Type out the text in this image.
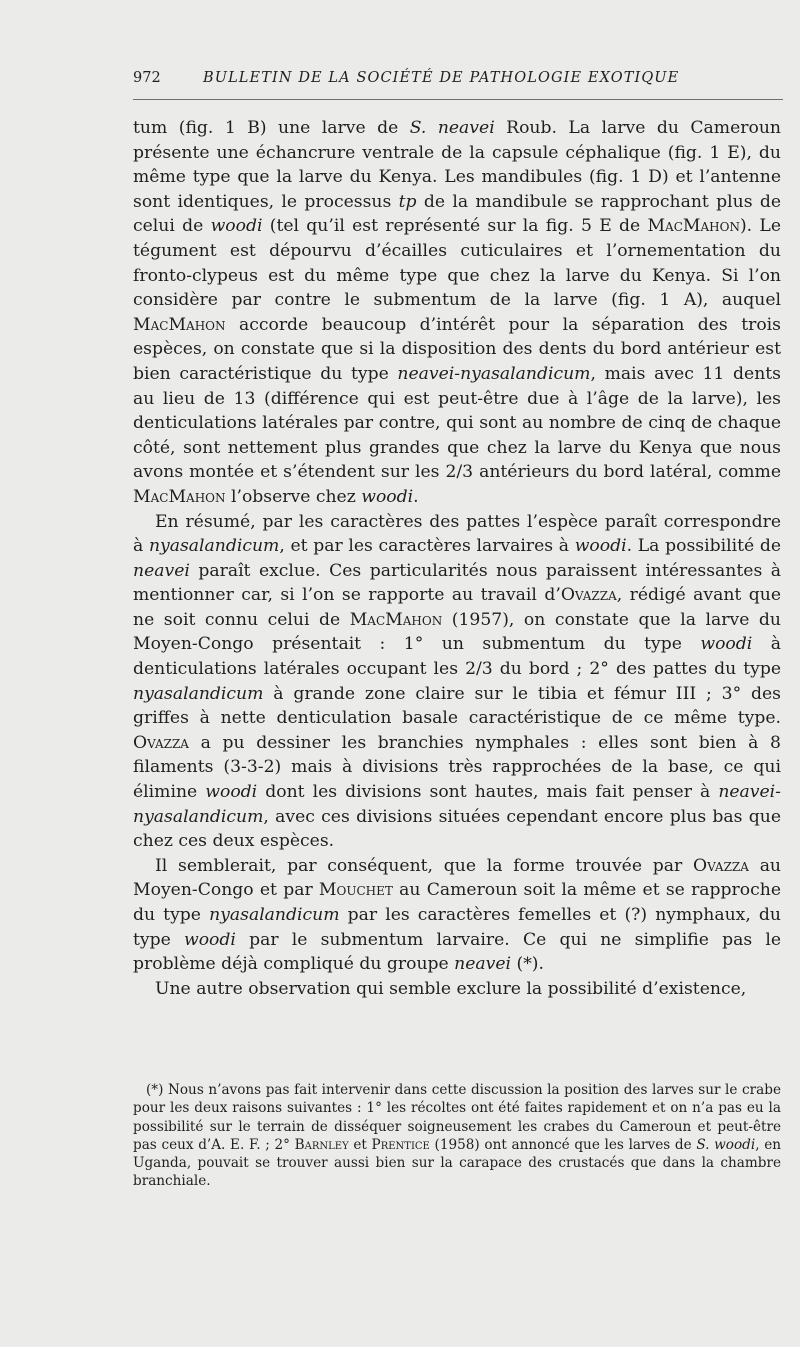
972	BULLETIN DE LA SOCIÉTÉ DE PATHOLOGIE EXOTIQUE

tum (fig. 1 B) une larve de S. neavei Roub. La larve du Cameroun présente une échancrure ventrale de la capsule céphalique (fig. 1 E), du même type que la larve du Kenya. Les mandibules (fig. 1 D) et l’antenne sont identiques, le processus tp de la mandibule se rapprochant plus de celui de woodi (tel qu’il est représenté sur la fig. 5 E de MacMahon). Le tégument est dépourvu d’écailles cuticulaires et l’ornementation du fronto-clypeus est du même type que chez la larve du Kenya. Si l’on considère par contre le submentum de la larve (fig. 1 A), auquel MacMahon accorde beaucoup d’intérêt pour la séparation des trois espèces, on constate que si la disposition des dents du bord antérieur est bien caractéristique du type neavei-nyasalandicum, mais avec 11 dents au lieu de 13 (différence qui est peut-être due à l’âge de la larve), les denticulations latérales par contre, qui sont au nombre de cinq de chaque côté, sont nettement plus grandes que chez la larve du Kenya que nous avons montée et s’étendent sur les 2/3 antérieurs du bord latéral, comme MacMahon l’observe chez woodi.

En résumé, par les caractères des pattes l’espèce paraît correspondre à nyasalandicum, et par les caractères larvaires à woodi. La possibilité de neavei paraît exclue. Ces particularités nous paraissent intéressantes à mentionner car, si l’on se rapporte au travail d’Ovazza, rédigé avant que ne soit connu celui de MacMahon (1957), on constate que la larve du Moyen-Congo présentait : 1° un submentum du type woodi à denticulations latérales occupant les 2/3 du bord ; 2° des pattes du type nyasalandicum à grande zone claire sur le tibia et fémur III ; 3° des griffes à nette denticulation basale caractéristique de ce même type. Ovazza a pu dessiner les branchies nymphales : elles sont bien à 8 filaments (3-3-2) mais à divisions très rapprochées de la base, ce qui élimine woodi dont les divisions sont hautes, mais fait penser à neavei-nyasalandicum, avec ces divisions situées cependant encore plus bas que chez ces deux espèces.

Il semblerait, par conséquent, que la forme trouvée par Ovazza au Moyen-Congo et par Mouchet au Cameroun soit la même et se rapproche du type nyasalandicum par les caractères femelles et (?) nymphaux, du type woodi par le submentum larvaire. Ce qui ne simplifie pas le problème déjà compliqué du groupe neavei (*).

Une autre observation qui semble exclure la possibilité d’existence,

(*) Nous n’avons pas fait intervenir dans cette discussion la position des larves sur le crabe pour les deux raisons suivantes : 1° les récoltes ont été faites rapidement et on n’a pas eu la possibilité sur le terrain de disséquer soigneusement les crabes du Cameroun et peut-être pas ceux d’A. E. F. ; 2° Barnley et Prentice (1958) ont annoncé que les larves de S. woodi, en Uganda, pouvait se trouver aussi bien sur la carapace des crustacés que dans la chambre branchiale.
